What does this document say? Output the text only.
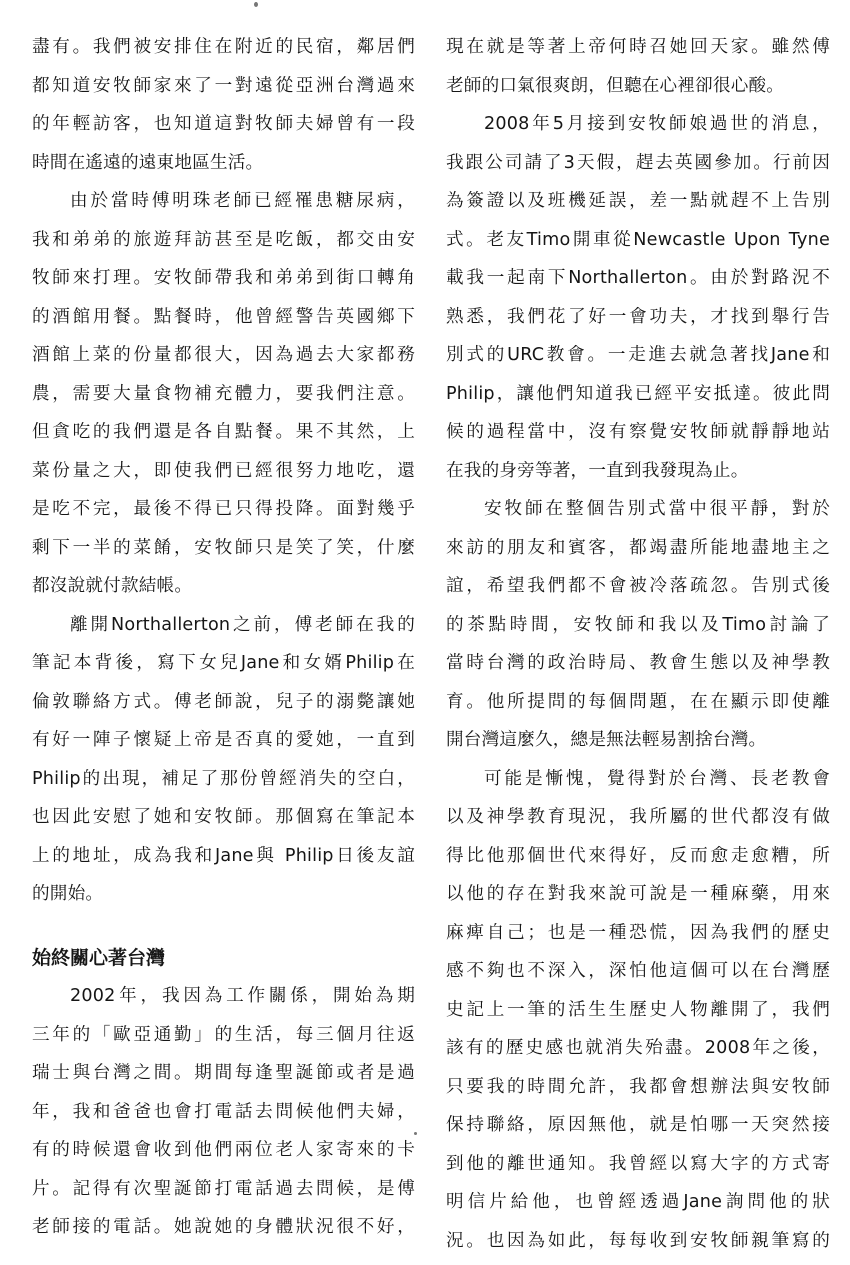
盡有。我們被安排住在附近的民宿，鄰居們
都知道安牧師家來了一對遠從亞洲台灣過來
的年輕訪客，也知道這對牧師夫婦曾有一段
時間在遙遠的遠東地區生活。
由於當時傅明珠老師已經罹患糖尿病，
我和弟弟的旅遊拜訪甚至是吃飯，都交由安
牧師來打理。安牧師帶我和弟弟到街口轉角
的酒館用餐。點餐時，他曾經警告英國鄉下
酒館上菜的份量都很大，因為過去大家都務
農，需要大量食物補充體力，要我們注意。
但貪吃的我們還是各自點餐。果不其然，上
菜份量之大，即使我們已經很努力地吃，還
是吃不完，最後不得已只得投降。面對幾乎
剩下一半的菜餚，安牧師只是笑了笑，什麼
都沒說就付款結帳。
離開Northallerton之前，傅老師在我的
筆記本背後，寫下女兒Jane和女婿Philip在
倫敦聯絡方式。傅老師說，兒子的溺斃讓她
有好一陣子懷疑上帝是否真的愛她，一直到
Philip的出現，補足了那份曾經消失的空白，
也因此安慰了她和安牧師。那個寫在筆記本
上的地址，成為我和Jane與 Philip日後友誼
的開始。
始終關心著台灣
2002年，我因為工作關係，開始為期
三年的「歐亞通勤」的生活，每三個月往返
瑞士與台灣之間。期間每逢聖誕節或者是過
年，我和爸爸也會打電話去問候他們夫婦，
有的時候還會收到他們兩位老人家寄來的卡
片。記得有次聖誕節打電話過去問候，是傅
老師接的電話。她說她的身體狀況很不好，
現在就是等著上帝何時召她回天家。雖然傅
老師的口氣很爽朗，但聽在心裡卻很心酸。
2008年5月接到安牧師娘過世的消息，
我跟公司請了3天假，趕去英國參加。行前因
為簽證以及班機延誤，差一點就趕不上告別
式。老友Timo開車從Newcastle Upon Tyne
載我一起南下Northallerton。由於對路況不
熟悉，我們花了好一會功夫，才找到舉行告
別式的URC教會。一走進去就急著找Jane和
Philip，讓他們知道我已經平安抵達。彼此問
候的過程當中，沒有察覺安牧師就靜靜地站
在我的身旁等著，一直到我發現為止。
安牧師在整個告別式當中很平靜，對於
來訪的朋友和賓客，都竭盡所能地盡地主之
誼，希望我們都不會被冷落疏忽。告別式後
的茶點時間，安牧師和我以及Timo討論了
當時台灣的政治時局、教會生態以及神學教
育。他所提問的每個問題，在在顯示即使離
開台灣這麼久，總是無法輕易割捨台灣。
可能是慚愧，覺得對於台灣、長老教會
以及神學教育現況，我所屬的世代都沒有做
得比他那個世代來得好，反而愈走愈糟，所
以他的存在對我來說可說是一種麻藥，用來
麻痺自己；也是一種恐慌，因為我們的歷史
感不夠也不深入，深怕他這個可以在台灣歷
史記上一筆的活生生歷史人物離開了，我們
該有的歷史感也就消失殆盡。2008年之後，
只要我的時間允許，我都會想辦法與安牧師
保持聯絡，原因無他，就是怕哪一天突然接
到他的離世通知。我曾經以寫大字的方式寄
明信片給他，也曾經透過Jane詢問他的狀
況。也因為如此，每每收到安牧師親筆寫的
